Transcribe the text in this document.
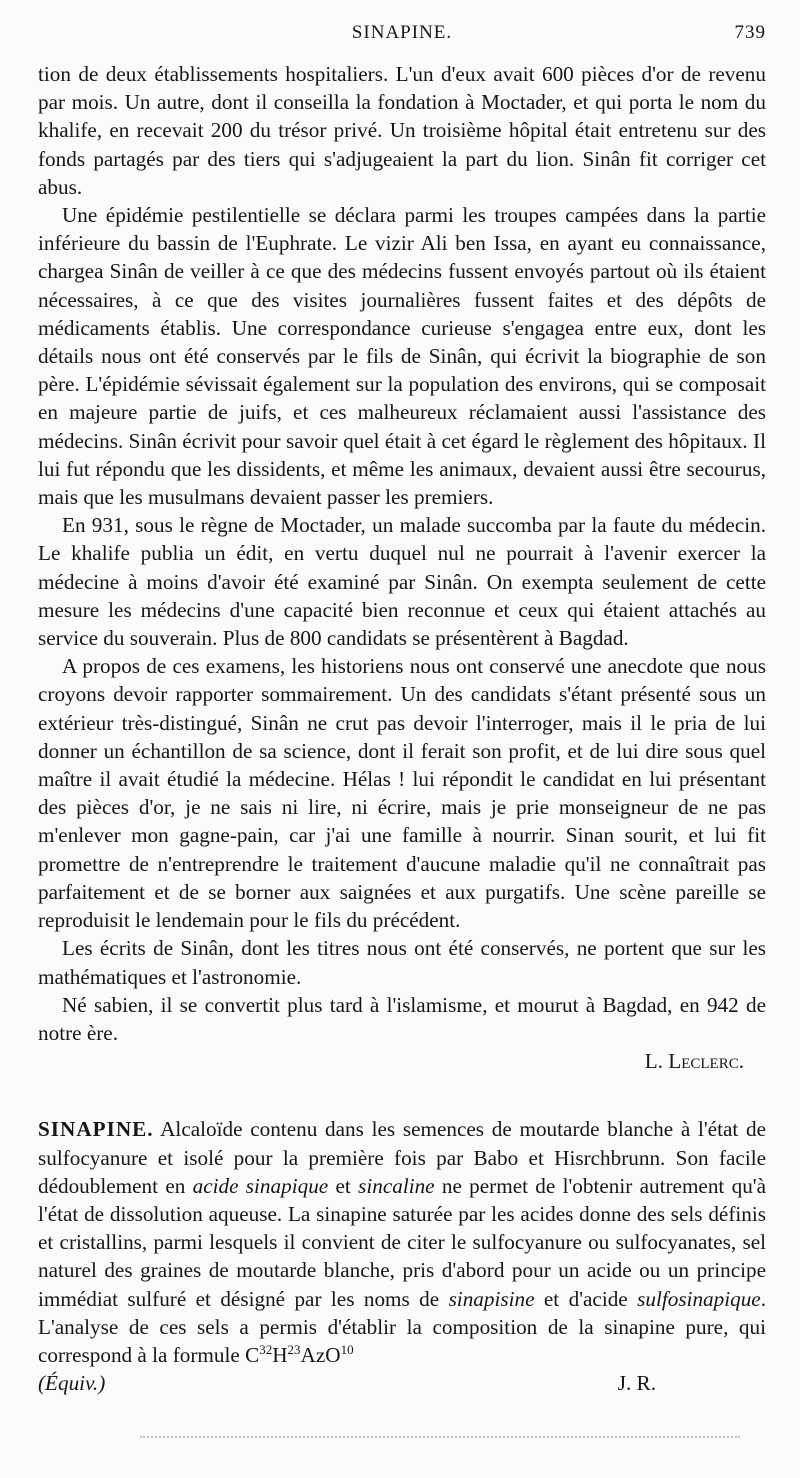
SINAPINE.	739

tion de deux établissements hospitaliers. L'un d'eux avait 600 pièces d'or de revenu par mois. Un autre, dont il conseilla la fondation à Moctader, et qui porta le nom du khalife, en recevait 200 du trésor privé. Un troisième hôpital était entretenu sur des fonds partagés par des tiers qui s'adjugeaient la part du lion. Sinân fit corriger cet abus.

Une épidémie pestilentielle se déclara parmi les troupes campées dans la partie inférieure du bassin de l'Euphrate. Le vizir Ali ben Issa, en ayant eu connaissance, chargea Sinân de veiller à ce que des médecins fussent envoyés partout où ils étaient nécessaires, à ce que des visites journalières fussent faites et des dépôts de médicaments établis. Une correspondance curieuse s'engagea entre eux, dont les détails nous ont été conservés par le fils de Sinân, qui écrivit la biographie de son père. L'épidémie sévissait également sur la population des environs, qui se composait en majeure partie de juifs, et ces malheureux réclamaient aussi l'assistance des médecins. Sinân écrivit pour savoir quel était à cet égard le règlement des hôpitaux. Il lui fut répondu que les dissidents, et même les animaux, devaient aussi être secourus, mais que les musulmans devaient passer les premiers.

En 931, sous le règne de Moctader, un malade succomba par la faute du médecin. Le khalife publia un édit, en vertu duquel nul ne pourrait à l'avenir exercer la médecine à moins d'avoir été examiné par Sinân. On exempta seulement de cette mesure les médecins d'une capacité bien reconnue et ceux qui étaient attachés au service du souverain. Plus de 800 candidats se présentèrent à Bagdad.

A propos de ces examens, les historiens nous ont conservé une anecdote que nous croyons devoir rapporter sommairement. Un des candidats s'étant présenté sous un extérieur très-distingué, Sinân ne crut pas devoir l'interroger, mais il le pria de lui donner un échantillon de sa science, dont il ferait son profit, et de lui dire sous quel maître il avait étudié la médecine. Hélas ! lui répondit le candidat en lui présentant des pièces d'or, je ne sais ni lire, ni écrire, mais je prie monseigneur de ne pas m'enlever mon gagne-pain, car j'ai une famille à nourrir. Sinan sourit, et lui fit promettre de n'entreprendre le traitement d'aucune maladie qu'il ne connaîtrait pas parfaitement et de se borner aux saignées et aux purgatifs. Une scène pareille se reproduisit le lendemain pour le fils du précédent.

Les écrits de Sinân, dont les titres nous ont été conservés, ne portent que sur les mathématiques et l'astronomie.

Né sabien, il se convertit plus tard à l'islamisme, et mourut à Bagdad, en 942 de notre ère.

L. Leclerc.

SINAPINE. Alcaloïde contenu dans les semences de moutarde blanche à l'état de sulfocyanure et isolé pour la première fois par Babo et Hisrchbrunn. Son facile dédoublement en acide sinapique et sincaline ne permet de l'obtenir autrement qu'à l'état de dissolution aqueuse. La sinapine saturée par les acides donne des sels définis et cristallins, parmi lesquels il convient de citer le sulfocyanure ou sulfocyanates, sel naturel des graines de moutarde blanche, pris d'abord pour un acide ou un principe immédiat sulfuré et désigné par les noms de sinapisine et d'acide sulfosinapique. L'analyse de ces sels a permis d'établir la composition de la sinapine pure, qui correspond à la formule $C^{32}H^{23}AzO^{10}$

(Équiv.)	J. R.
